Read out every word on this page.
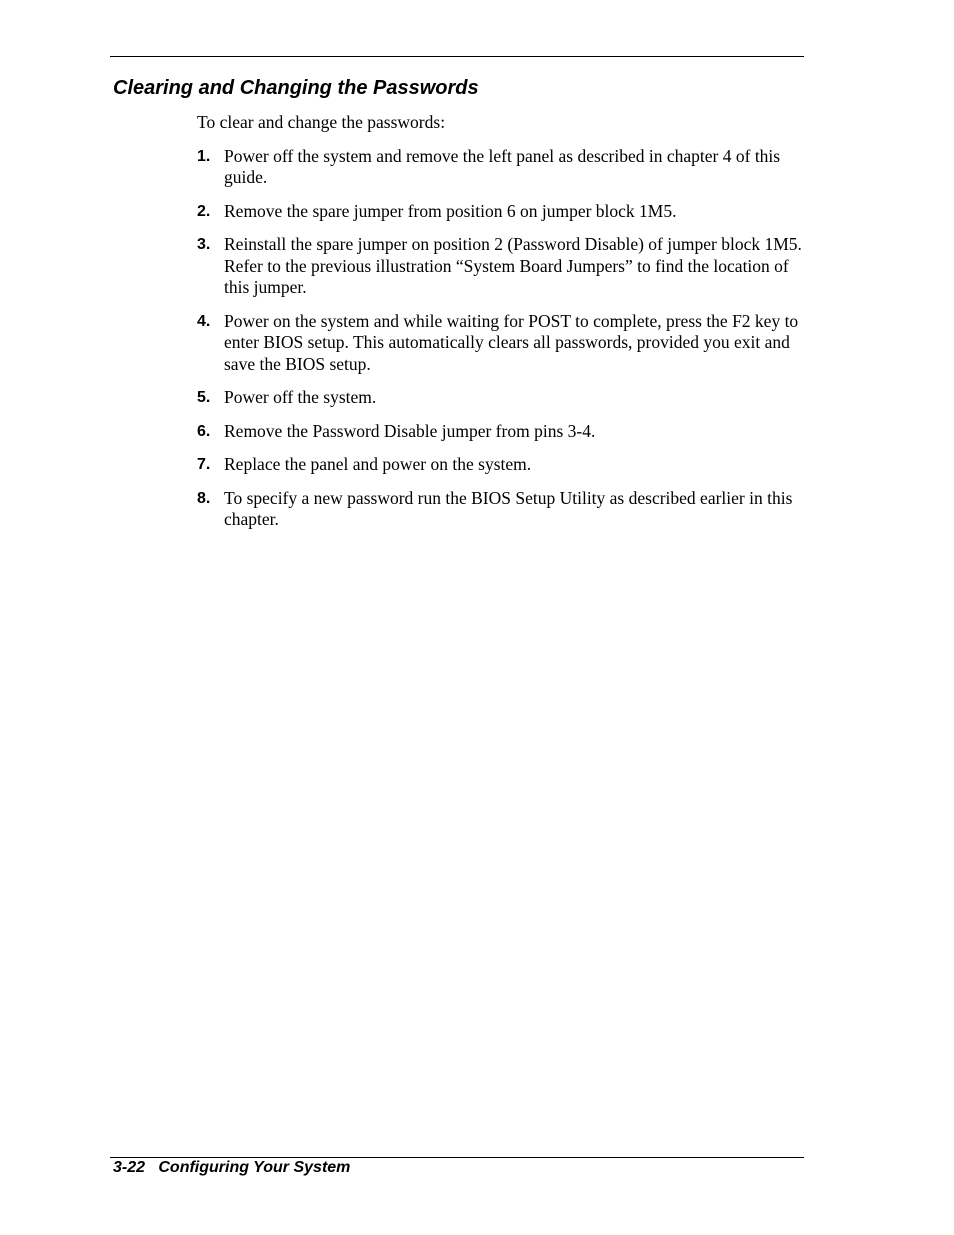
Clearing and Changing the Passwords

To clear and change the passwords:

1. Power off the system and remove the left panel as described in chapter 4 of this guide.
2. Remove the spare jumper from position 6 on jumper block 1M5.
3. Reinstall the spare jumper on position 2 (Password Disable) of jumper block 1M5. Refer to the previous illustration “System Board Jumpers” to find the location of this jumper.
4. Power on the system and while waiting for POST to complete, press the F2 key to enter BIOS setup. This automatically clears all passwords, provided you exit and save the BIOS setup.
5. Power off the system.
6. Remove the Password Disable jumper from pins 3-4.
7. Replace the panel and power on the system.
8. To specify a new password run the BIOS Setup Utility as described earlier in this chapter.
3-22 Configuring Your System
